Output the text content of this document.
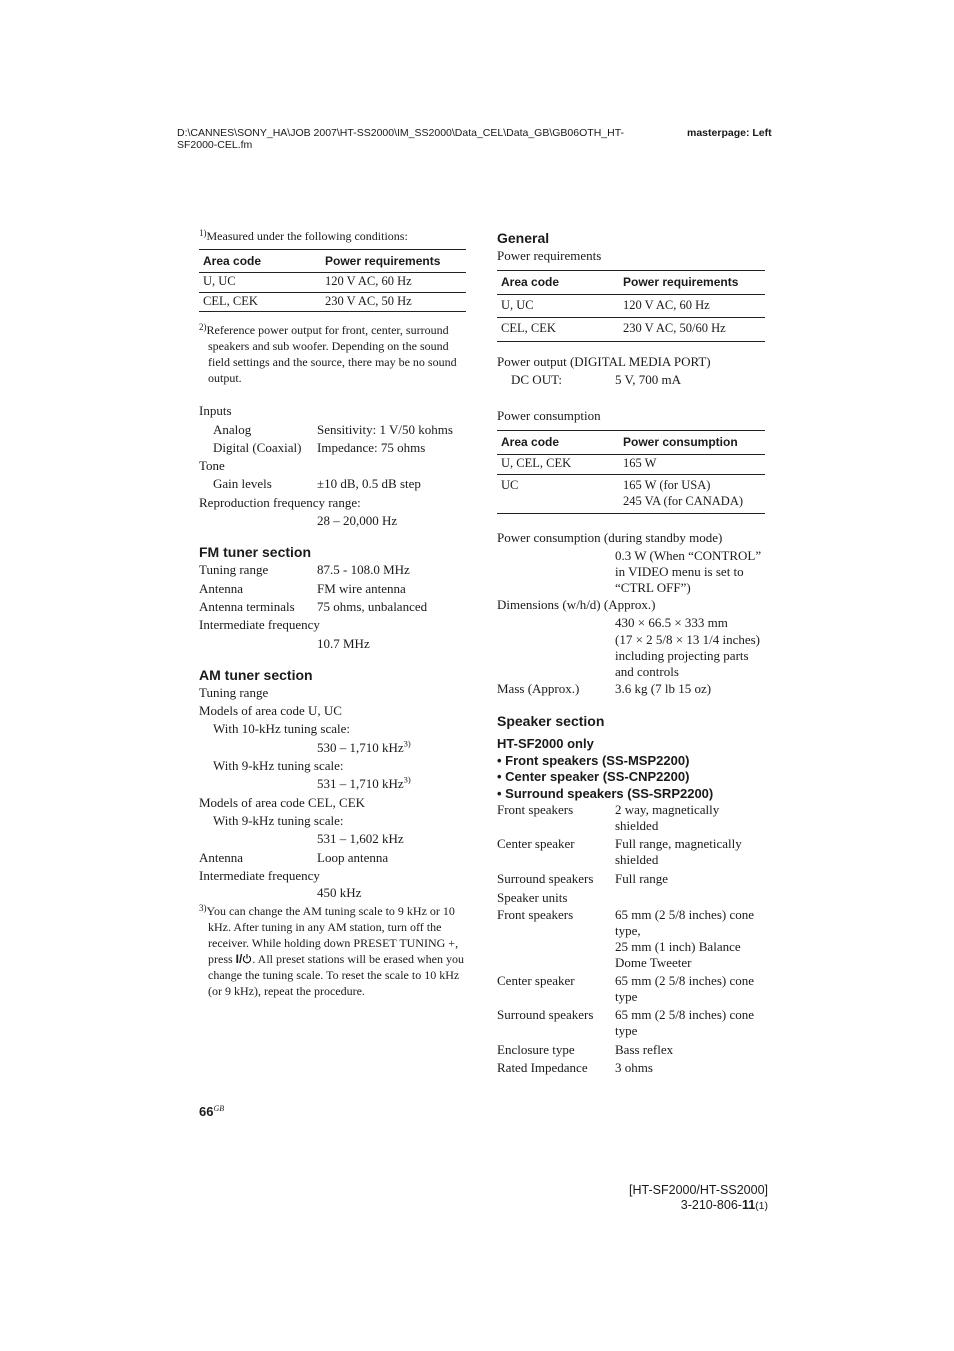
D:\CANNES\SONY_HA\JOB 2007\HT-SS2000\IM_SS2000\Data_CEL\Data_GB\GB06OTH_HT-SF2000-CEL.fm
masterpage: Left
$^{1)}$Measured under the following conditions:
Area code	Power requirements
U, UC	120 V AC, 60 Hz
CEL, CEK	230 V AC, 50 Hz
$^{2)}$Reference power output for front, center, surround speakers and sub woofer. Depending on the sound field settings and the source, there may be no sound output.
Inputs
Analog	Sensitivity: 1 V/50 kohms
Digital (Coaxial)	Impedance: 75 ohms
Tone
Gain levels	±10 dB, 0.5 dB step
Reproduction frequency range:
28 – 20,000 Hz
FM tuner section
Tuning range	87.5 - 108.0 MHz
Antenna	FM wire antenna
Antenna terminals	75 ohms, unbalanced
Intermediate frequency
10.7 MHz
AM tuner section
Tuning range
Models of area code U, UC
With 10-kHz tuning scale:
530 – 1,710 kHz$^{3)}$
With 9-kHz tuning scale:
531 – 1,710 kHz$^{3)}$
Models of area code CEL, CEK
With 9-kHz tuning scale:
531 – 1,602 kHz
Antenna	Loop antenna
Intermediate frequency
450 kHz
$^{3)}$You can change the AM tuning scale to 9 kHz or 10 kHz. After tuning in any AM station, turn off the receiver. While holding down PRESET TUNING +, press I/ . All preset stations will be erased when you change the tuning scale. To reset the scale to 10 kHz (or 9 kHz), repeat the procedure.
General
Power requirements
Area code	Power requirements
U, UC	120 V AC, 60 Hz
CEL, CEK	230 V AC, 50/60 Hz
Power output (DIGITAL MEDIA PORT)
DC OUT:	5 V, 700 mA
Power consumption
Area code	Power consumption
U, CEL, CEK	165 W
UC	165 W (for USA)
245 VA (for CANADA)
Power consumption (during standby mode)
0.3 W (When “CONTROL” in VIDEO menu is set to “CTRL OFF”)
Dimensions (w/h/d) (Approx.)
430 × 66.5 × 333 mm
(17 × 2 5/8 × 13 1/4 inches) including projecting parts and controls
Mass (Approx.)	3.6 kg (7 lb 15 oz)
Speaker section
HT-SF2000 only
• Front speakers (SS-MSP2200)
• Center speaker (SS-CNP2200)
• Surround speakers (SS-SRP2200)
Front speakers	2 way, magnetically shielded
Center speaker	Full range, magnetically shielded
Surround speakers	Full range
Speaker units
Front speakers	65 mm (2 5/8 inches) cone type,
25 mm (1 inch) Balance Dome Tweeter
Center speaker	65 mm (2 5/8 inches) cone type
Surround speakers	65 mm (2 5/8 inches) cone type
Enclosure type	Bass reflex
Rated Impedance	3 ohms
$66^{GB}$
[HT-SF2000/HT-SS2000]
3-210-806-11(1)
